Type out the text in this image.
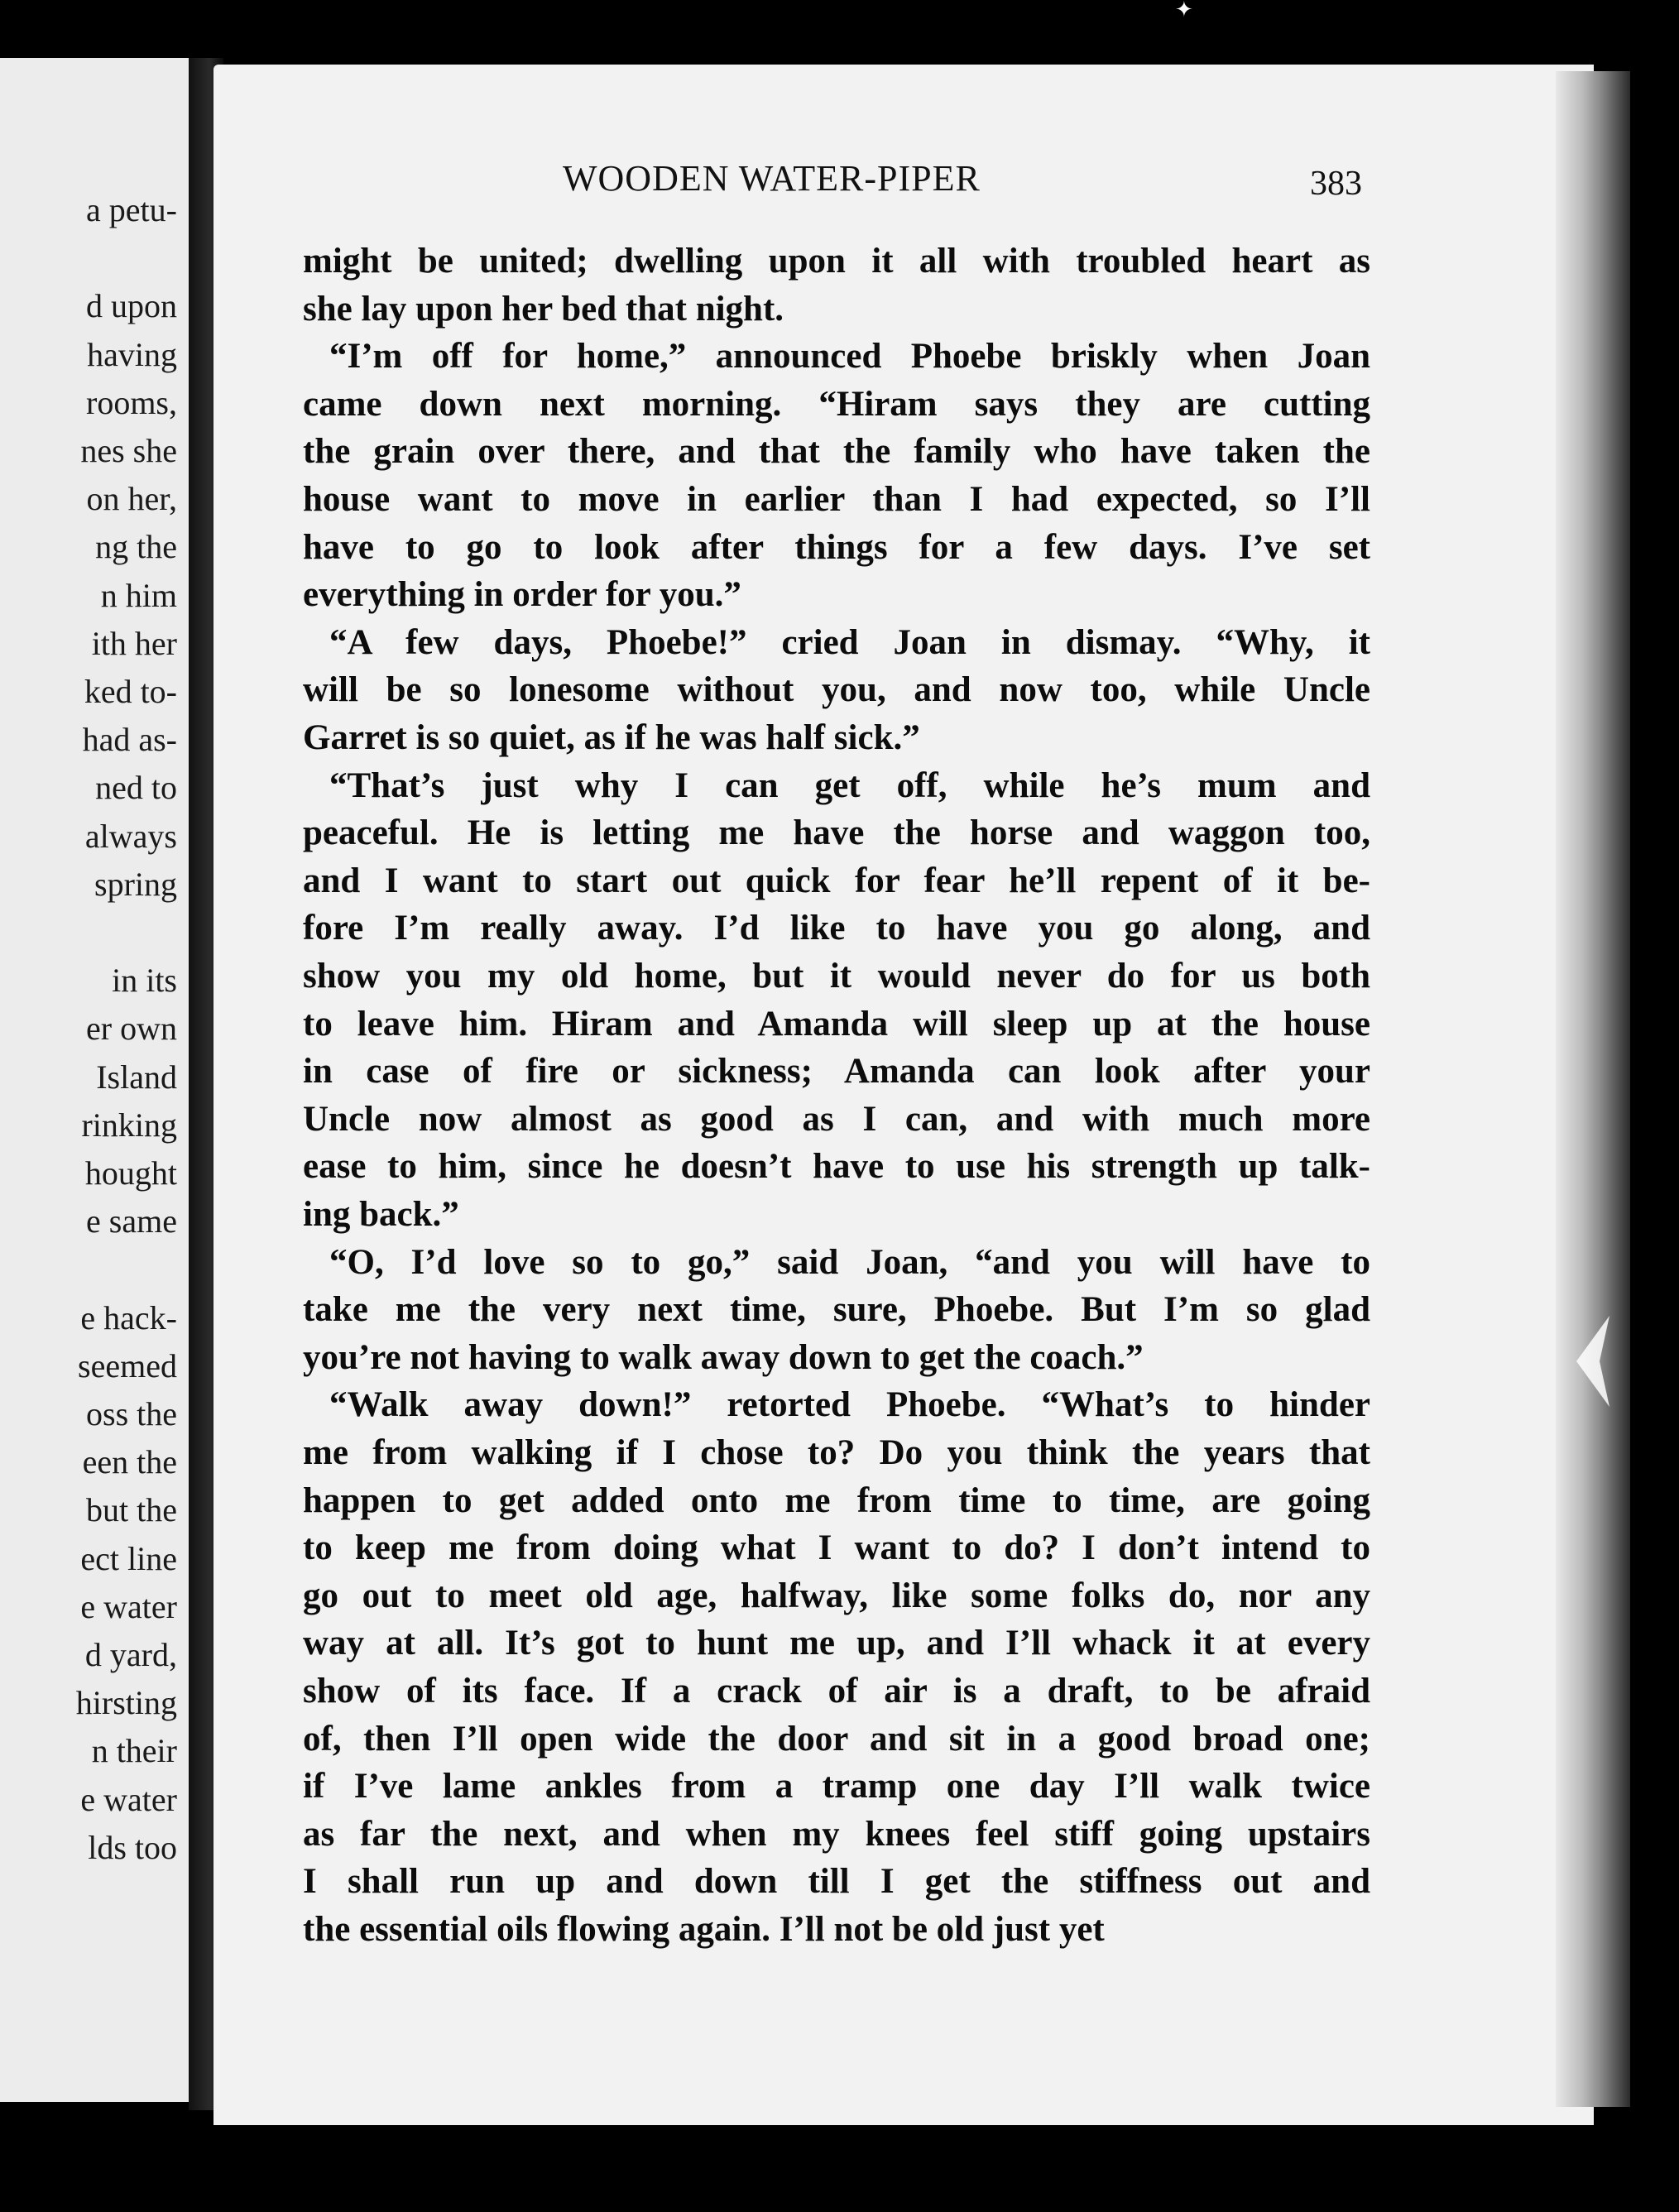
a petu-
d upon
having
rooms,
nes she
on her,
ng the
n him
ith her
ked to-
had as-
ned to
always
spring
in its
er own
Island
rinking
hought
e same
e hack-
seemed
oss the
een the
but the
ect line
e water
d yard,
hirsting
n their
e water
lds too
✦
WOODEN WATER-PIPER	383
might be united; dwelling upon it all with troubled heart as
she lay upon her bed that night.
“I’m off for home,” announced Phoebe briskly when Joan
came down next morning. “Hiram says they are cutting
the grain over there, and that the family who have taken the
house want to move in earlier than I had expected, so I’ll
have to go to look after things for a few days. I’ve set
everything in order for you.”
“A few days, Phoebe!” cried Joan in dismay. “Why, it
will be so lonesome without you, and now too, while Uncle
Garret is so quiet, as if he was half sick.”
“That’s just why I can get off, while he’s mum and
peaceful. He is letting me have the horse and waggon too,
and I want to start out quick for fear he’ll repent of it be-
fore I’m really away. I’d like to have you go along, and
show you my old home, but it would never do for us both
to leave him. Hiram and Amanda will sleep up at the house
in case of fire or sickness; Amanda can look after your
Uncle now almost as good as I can, and with much more
ease to him, since he doesn’t have to use his strength up talk-
ing back.”
“O, I’d love so to go,” said Joan, “and you will have to
take me the very next time, sure, Phoebe. But I’m so glad
you’re not having to walk away down to get the coach.”
“Walk away down!” retorted Phoebe. “What’s to hinder
me from walking if I chose to? Do you think the years that
happen to get added onto me from time to time, are going
to keep me from doing what I want to do? I don’t intend to
go out to meet old age, halfway, like some folks do, nor any
way at all. It’s got to hunt me up, and I’ll whack it at every
show of its face. If a crack of air is a draft, to be afraid
of, then I’ll open wide the door and sit in a good broad one;
if I’ve lame ankles from a tramp one day I’ll walk twice
as far the next, and when my knees feel stiff going upstairs
I shall run up and down till I get the stiffness out and
the essential oils flowing again. I’ll not be old just yet
